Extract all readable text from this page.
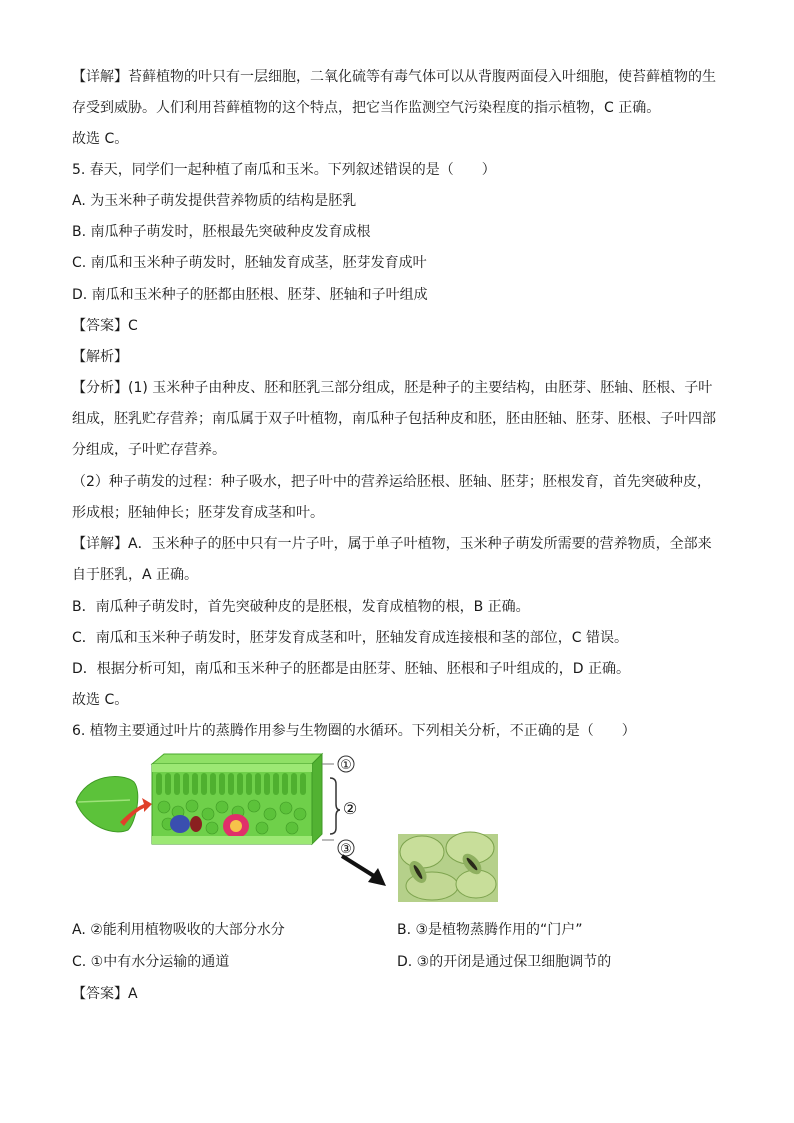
【详解】苔藓植物的叶只有一层细胞，二氧化硫等有毒气体可以从背腹两面侵入叶细胞，使苔藓植物的生
存受到威胁。人们利用苔藓植物的这个特点，把它当作监测空气污染程度的指示植物，C 正确。
故选 C。
5. 春天，同学们一起种植了南瓜和玉米。下列叙述错误的是（　　）
A. 为玉米种子萌发提供营养物质的结构是胚乳
B. 南瓜种子萌发时，胚根最先突破种皮发育成根
C. 南瓜和玉米种子萌发时，胚轴发育成茎，胚芽发育成叶
D. 南瓜和玉米种子的胚都由胚根、胚芽、胚轴和子叶组成
【答案】C
【解析】
【分析】(1) 玉米种子由种皮、胚和胚乳三部分组成，胚是种子的主要结构，由胚芽、胚轴、胚根、子叶
组成，胚乳贮存营养；南瓜属于双子叶植物，南瓜种子包括种皮和胚，胚由胚轴、胚芽、胚根、子叶四部
分组成，子叶贮存营养。
（2）种子萌发的过程：种子吸水，把子叶中的营养运给胚根、胚轴、胚芽；胚根发育，首先突破种皮，
形成根；胚轴伸长；胚芽发育成茎和叶。
【详解】A．玉米种子的胚中只有一片子叶，属于单子叶植物，玉米种子萌发所需要的营养物质，全部来
自于胚乳，A 正确。
B．南瓜种子萌发时，首先突破种皮的是胚根，发育成植物的根，B 正确。
C．南瓜和玉米种子萌发时，胚芽发育成茎和叶，胚轴发育成连接根和茎的部位，C 错误。
D．根据分析可知，南瓜和玉米种子的胚都是由胚芽、胚轴、胚根和子叶组成的，D 正确。
故选 C。
6. 植物主要通过叶片的蒸腾作用参与生物圈的水循环。下列相关分析，不正确的是（　　）
①
②
③
A. ②能利用植物吸收的大部分水分	B. ③是植物蒸腾作用的“门户”
C. ①中有水分运输的通道	D. ③的开闭是通过保卫细胞调节的
【答案】A
